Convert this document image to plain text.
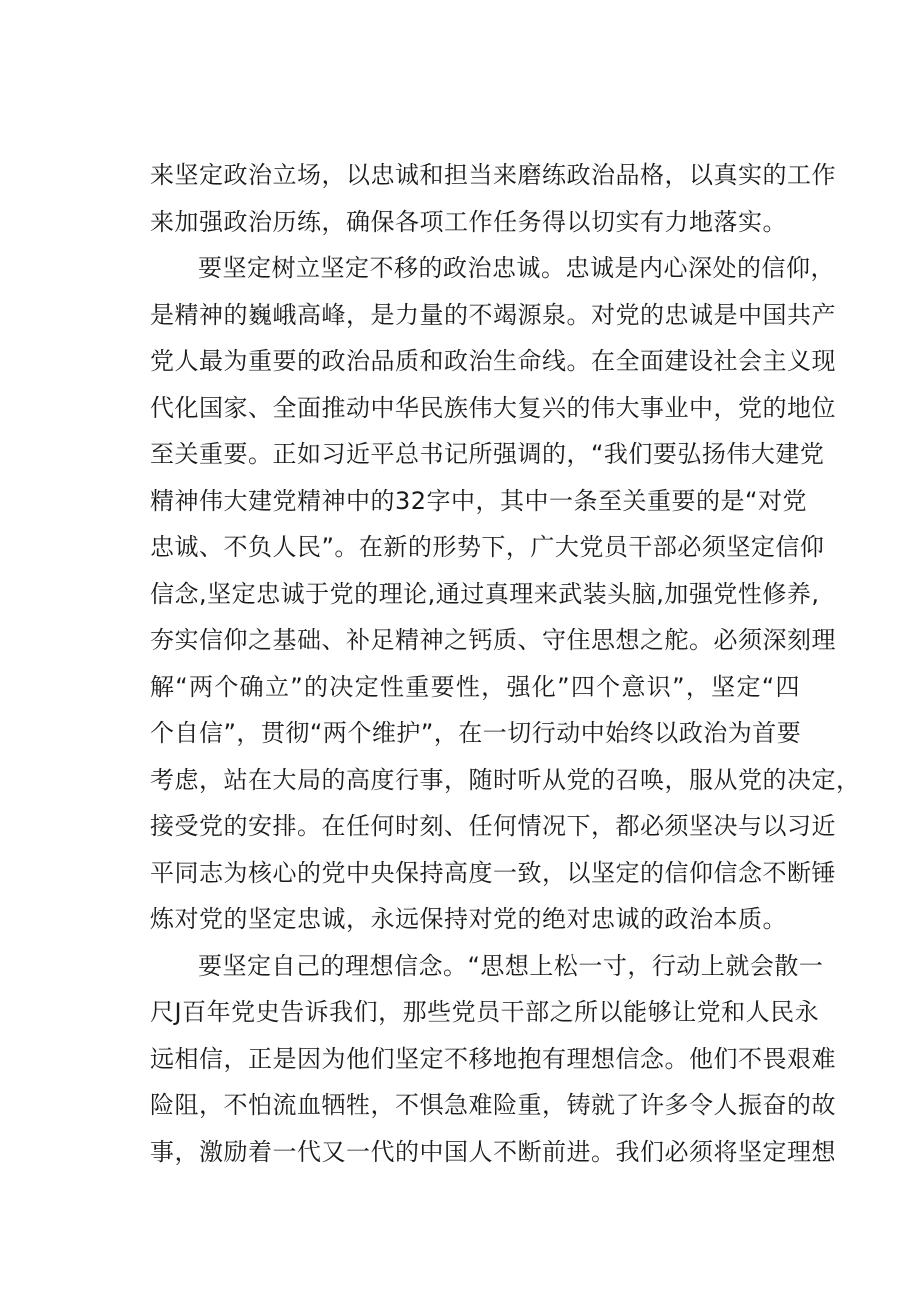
来坚定政治立场，以忠诚和担当来磨练政治品格，以真实的工作
来加强政治历练，确保各项工作任务得以切实有力地落实。
要坚定树立坚定不移的政治忠诚。忠诚是内心深处的信仰，
是精神的巍峨高峰，是力量的不竭源泉。对党的忠诚是中国共产
党人最为重要的政治品质和政治生命线。在全面建设社会主义现
代化国家、全面推动中华民族伟大复兴的伟大事业中，党的地位
至关重要。正如习近平总书记所强调的，“我们要弘扬伟大建党
精神伟大建党精神中的32字中，其中一条至关重要的是“对党
忠诚、不负人民”。在新的形势下，广大党员干部必须坚定信仰
信念,坚定忠诚于党的理论,通过真理来武装头脑,加强党性修养,
夯实信仰之基础、补足精神之钙质、守住思想之舵。必须深刻理
解“两个确立”的决定性重要性，强化”四个意识”，坚定“四
个自信”，贯彻“两个维护”，在一切行动中始终以政治为首要
考虑，站在大局的高度行事，随时听从党的召唤，服从党的决定，
接受党的安排。在任何时刻、任何情况下，都必须坚决与以习近
平同志为核心的党中央保持高度一致，以坚定的信仰信念不断锤
炼对党的坚定忠诚，永远保持对党的绝对忠诚的政治本质。
要坚定自己的理想信念。“思想上松一寸，行动上就会散一
尺J百年党史告诉我们，那些党员干部之所以能够让党和人民永
远相信，正是因为他们坚定不移地抱有理想信念。他们不畏艰难
险阻，不怕流血牺牲，不惧急难险重，铸就了许多令人振奋的故
事，激励着一代又一代的中国人不断前进。我们必须将坚定理想
